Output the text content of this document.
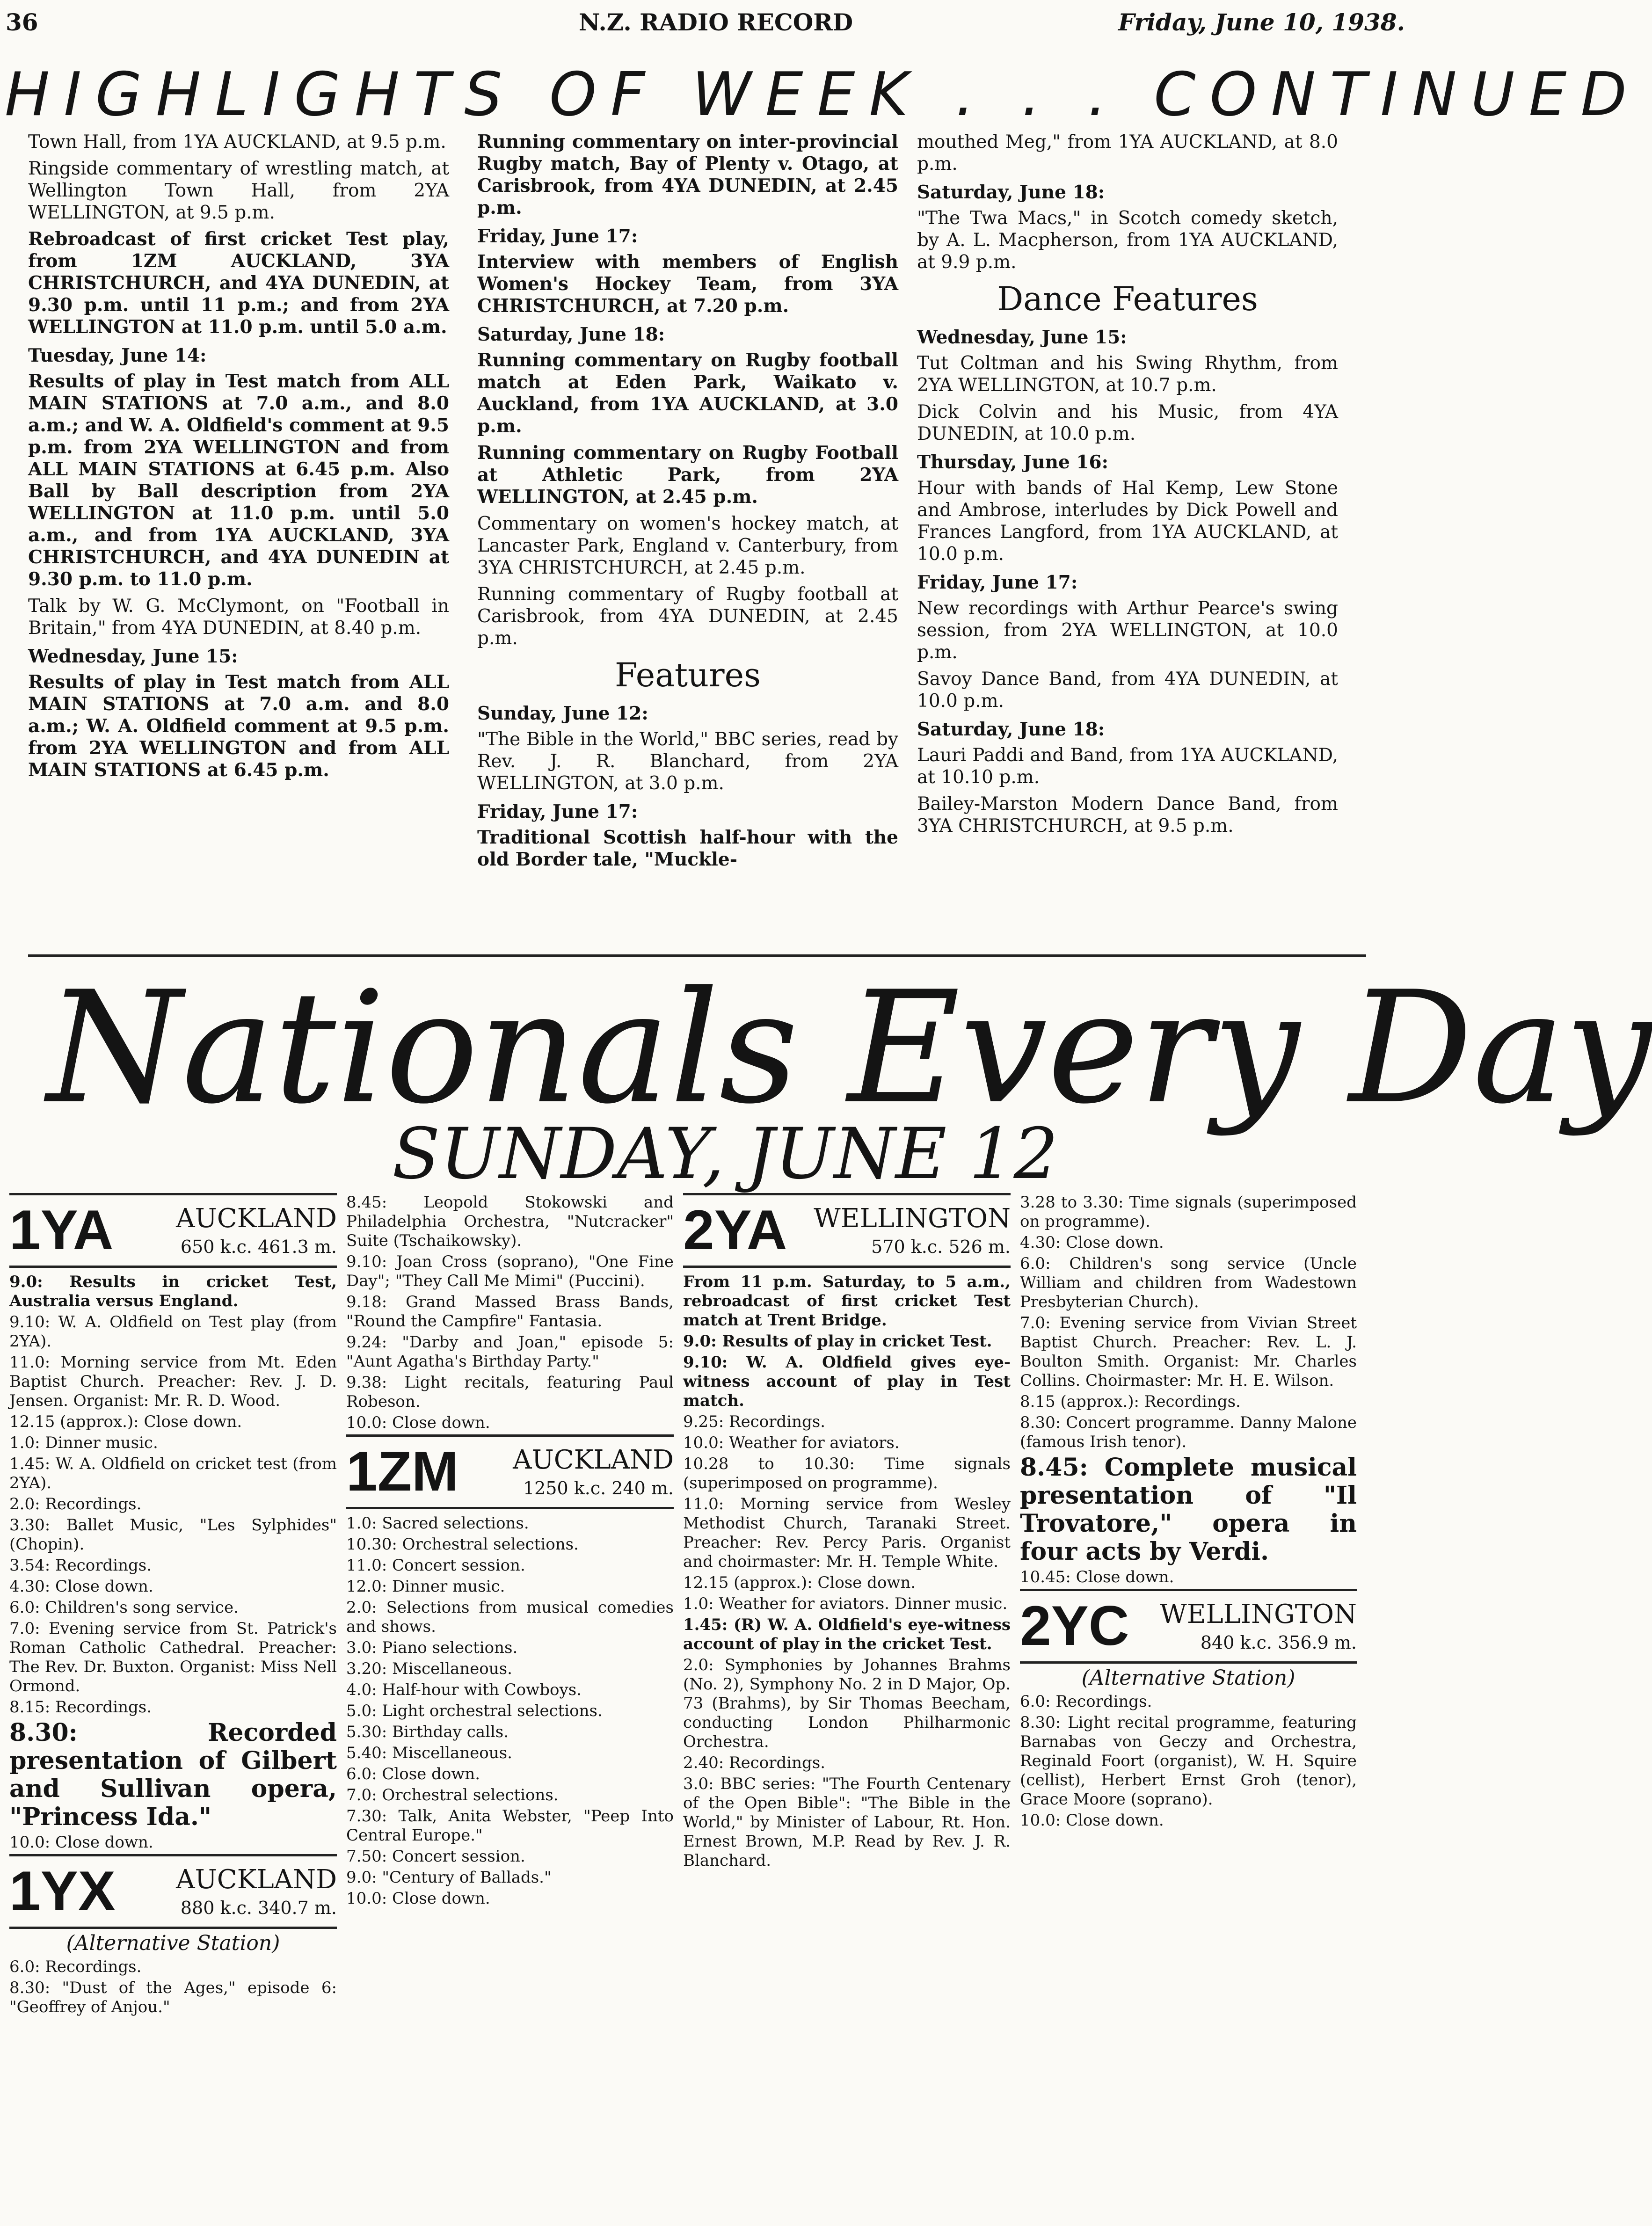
36	N.Z. RADIO RECORD	Friday, June 10, 1938.
HIGHLIGHTS OF WEEK . . . CONTINUED

Town Hall, from 1YA AUCKLAND, at 9.5 p.m.

Ringside commentary of wrestling match, at Wellington Town Hall, from 2YA WELLINGTON, at 9.5 p.m.

Rebroadcast of first cricket Test play, from 1ZM AUCKLAND, 3YA CHRISTCHURCH, and 4YA DUNEDIN, at 9.30 p.m. until 11 p.m.; and from 2YA WELLINGTON at 11.0 p.m. until 5.0 a.m.

Tuesday, June 14:

Results of play in Test match from ALL MAIN STATIONS at 7.0 a.m., and 8.0 a.m.; and W. A. Oldfield's comment at 9.5 p.m. from 2YA WELLINGTON and from ALL MAIN STATIONS at 6.45 p.m. Also Ball by Ball description from 2YA WELLINGTON at 11.0 p.m. until 5.0 a.m., and from 1YA AUCKLAND, 3YA CHRISTCHURCH, and 4YA DUNEDIN at 9.30 p.m. to 11.0 p.m.

Talk by W. G. McClymont, on "Football in Britain," from 4YA DUNEDIN, at 8.40 p.m.

Wednesday, June 15:

Results of play in Test match from ALL MAIN STATIONS at 7.0 a.m. and 8.0 a.m.; W. A. Oldfield comment at 9.5 p.m. from 2YA WELLINGTON and from ALL MAIN STATIONS at 6.45 p.m.

Running commentary on inter-provincial Rugby match, Bay of Plenty v. Otago, at Carisbrook, from 4YA DUNEDIN, at 2.45 p.m.

Friday, June 17:

Interview with members of English Women's Hockey Team, from 3YA CHRISTCHURCH, at 7.20 p.m.

Saturday, June 18:

Running commentary on Rugby football match at Eden Park, Waikato v. Auckland, from 1YA AUCKLAND, at 3.0 p.m.

Running commentary on Rugby Football at Athletic Park, from 2YA WELLINGTON, at 2.45 p.m.

Commentary on women's hockey match, at Lancaster Park, England v. Canterbury, from 3YA CHRISTCHURCH, at 2.45 p.m.

Running commentary of Rugby football at Carisbrook, from 4YA DUNEDIN, at 2.45 p.m.

Features
Sunday, June 12:

"The Bible in the World," BBC series, read by Rev. J. R. Blanchard, from 2YA WELLINGTON, at 3.0 p.m.

Friday, June 17:

Traditional Scottish half-hour with the old Border tale, "Muckle-

mouthed Meg," from 1YA AUCKLAND, at 8.0 p.m.

Saturday, June 18:

"The Twa Macs," in Scotch comedy sketch, by A. L. Macpherson, from 1YA AUCKLAND, at 9.9 p.m.

Dance Features
Wednesday, June 15:

Tut Coltman and his Swing Rhythm, from 2YA WELLINGTON, at 10.7 p.m.

Dick Colvin and his Music, from 4YA DUNEDIN, at 10.0 p.m.

Thursday, June 16:

Hour with bands of Hal Kemp, Lew Stone and Ambrose, interludes by Dick Powell and Frances Langford, from 1YA AUCKLAND, at 10.0 p.m.

Friday, June 17:

New recordings with Arthur Pearce's swing session, from 2YA WELLINGTON, at 10.0 p.m.

Savoy Dance Band, from 4YA DUNEDIN, at 10.0 p.m.

Saturday, June 18:

Lauri Paddi and Band, from 1YA AUCKLAND, at 10.10 p.m.

Bailey-Marston Modern Dance Band, from 3YA CHRISTCHURCH, at 9.5 p.m.

Nationals Every Day
SUNDAY, JUNE 12
1YA AUCKLAND
650 k.c. 461.3 m.

9.0: Results in cricket Test, Australia versus England.

9.10: W. A. Oldfield on Test play (from 2YA).

11.0: Morning service from Mt. Eden Baptist Church. Preacher: Rev. J. D. Jensen. Organist: Mr. R. D. Wood.

12.15 (approx.): Close down.

1.0: Dinner music.

1.45: W. A. Oldfield on cricket test (from 2YA).

2.0: Recordings.

3.30: Ballet Music, "Les Sylphides" (Chopin).

3.54: Recordings.

4.30: Close down.

6.0: Children's song service.

7.0: Evening service from St. Patrick's Roman Catholic Cathedral. Preacher: The Rev. Dr. Buxton. Organist: Miss Nell Ormond.

8.15: Recordings.

8.30: Recorded presentation of Gilbert and Sullivan opera, "Princess Ida."

10.0: Close down.

1YX AUCKLAND
880 k.c. 340.7 m.
(Alternative Station)

6.0: Recordings.

8.30: "Dust of the Ages," episode 6: "Geoffrey of Anjou."

8.45: Leopold Stokowski and Philadelphia Orchestra, "Nutcracker" Suite (Tschaikowsky).

9.10: Joan Cross (soprano), "One Fine Day"; "They Call Me Mimi" (Puccini).

9.18: Grand Massed Brass Bands, "Round the Campfire" Fantasia.

9.24: "Darby and Joan," episode 5: "Aunt Agatha's Birthday Party."

9.38: Light recitals, featuring Paul Robeson.

10.0: Close down.

1ZM AUCKLAND
1250 k.c. 240 m.

1.0: Sacred selections.

10.30: Orchestral selections.

11.0: Concert session.

12.0: Dinner music.

2.0: Selections from musical comedies and shows.

3.0: Piano selections.

3.20: Miscellaneous.

4.0: Half-hour with Cowboys.

5.0: Light orchestral selections.

5.30: Birthday calls.

5.40: Miscellaneous.

6.0: Close down.

7.0: Orchestral selections.

7.30: Talk, Anita Webster, "Peep Into Central Europe."

7.50: Concert session.

9.0: "Century of Ballads."

10.0: Close down.

2YA WELLINGTON
570 k.c. 526 m.

From 11 p.m. Saturday, to 5 a.m., rebroadcast of first cricket Test match at Trent Bridge.

9.0: Results of play in cricket Test.

9.10: W. A. Oldfield gives eye-witness account of play in Test match.

9.25: Recordings.

10.0: Weather for aviators.

10.28 to 10.30: Time signals (superimposed on programme).

11.0: Morning service from Wesley Methodist Church, Taranaki Street. Preacher: Rev. Percy Paris. Organist and choirmaster: Mr. H. Temple White.

12.15 (approx.): Close down.

1.0: Weather for aviators. Dinner music.

1.45: (R) W. A. Oldfield's eye-witness account of play in the cricket Test.

2.0: Symphonies by Johannes Brahms (No. 2), Symphony No. 2 in D Major, Op. 73 (Brahms), by Sir Thomas Beecham, conducting London Philharmonic Orchestra.

2.40: Recordings.

3.0: BBC series: "The Fourth Centenary of the Open Bible": "The Bible in the World," by Minister of Labour, Rt. Hon. Ernest Brown, M.P. Read by Rev. J. R. Blanchard.

3.28 to 3.30: Time signals (superimposed on programme).

4.30: Close down.

6.0: Children's song service (Uncle William and children from Wadestown Presbyterian Church).

7.0: Evening service from Vivian Street Baptist Church. Preacher: Rev. L. J. Boulton Smith. Organist: Mr. Charles Collins. Choirmaster: Mr. H. E. Wilson.

8.15 (approx.): Recordings.

8.30: Concert programme. Danny Malone (famous Irish tenor).

8.45: Complete musical presentation of "Il Trovatore," opera in four acts by Verdi.

10.45: Close down.

2YC WELLINGTON
840 k.c. 356.9 m.
(Alternative Station)

6.0: Recordings.

8.30: Light recital programme, featuring Barnabas von Geczy and Orchestra, Reginald Foort (organist), W. H. Squire (cellist), Herbert Ernst Groh (tenor), Grace Moore (soprano).

10.0: Close down.
